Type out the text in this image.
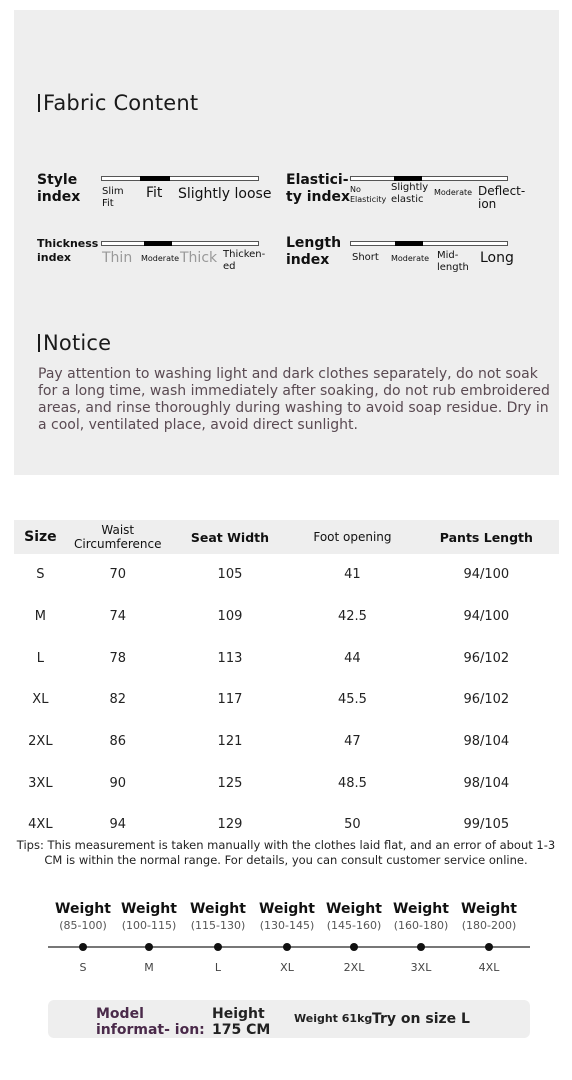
Fabric Content
Style index	Slim Fit
Fit Slightly loose
Elastici- ty index No Elasticity
Slightly elastic
Moderate Deflect- ion
Thickness index	Thin Moderate Thick Thicken- ed
Length index	Short Moderate Mid- length
Long
Notice
Pay attention to washing light and dark clothes separately, do not soak for a long time, wash immediately after soaking, do not rub embroidered areas, and rinse thoroughly during washing to avoid soap residue. Dry in a cool, ventilated place, avoid direct sunlight.
Size	Waist Circumference	Seat Width	Foot opening	Pants Length
S	70	105	41	94/100
M	74	109	42.5	94/100
L	78	113	44	96/102
XL	82	117	45.5	96/102
2XL	86	121	47	98/104
3XL	90	125	48.5	98/104
4XL	94	129	50	99/105
Tips: This measurement is taken manually with the clothes laid flat, and an error of about 1-3 CM is within the normal range. For details, you can consult customer service online.
Weight
(85-100)
S
Weight
(100-115)
M
Weight
(115-130)
L
Weight
(130-145)
XL
Weight
(145-160)
2XL
Weight
(160-180)
3XL
Weight
(180-200)
4XL
Model informat- ion:
Height 175 CM
Weight 61kg Try on size L
